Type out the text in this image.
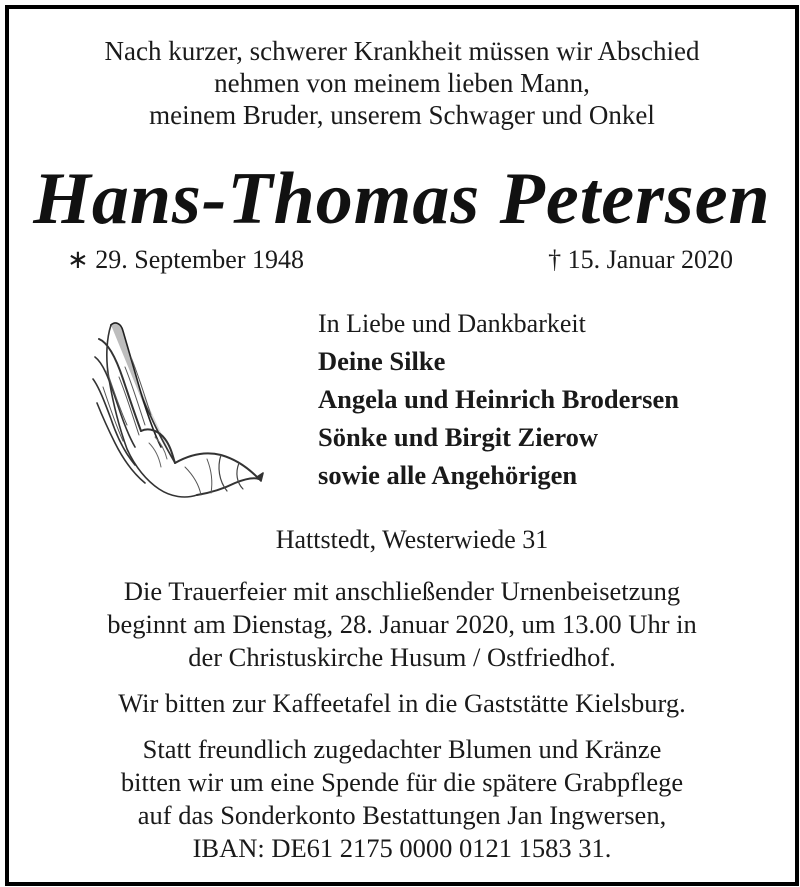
Nach kurzer, schwerer Krankheit müssen wir Abschied
nehmen von meinem lieben Mann,
meinem Bruder, unserem Schwager und Onkel
Hans-Thomas Petersen
∗ 29. September 1948	† 15. Januar 2020
In Liebe und Dankbarkeit
Deine Silke
Angela und Heinrich Brodersen
Sönke und Birgit Zierow
sowie alle Angehörigen
Hattstedt, Westerwiede 31
Die Trauerfeier mit anschließender Urnenbeisetzung
beginnt am Dienstag, 28. Januar 2020, um 13.00 Uhr in
der Christuskirche Husum / Ostfriedhof.
Wir bitten zur Kaffeetafel in die Gaststätte Kielsburg.
Statt freundlich zugedachter Blumen und Kränze
bitten wir um eine Spende für die spätere Grabpflege
auf das Sonderkonto Bestattungen Jan Ingwersen,
IBAN: DE61 2175 0000 0121 1583 31.
